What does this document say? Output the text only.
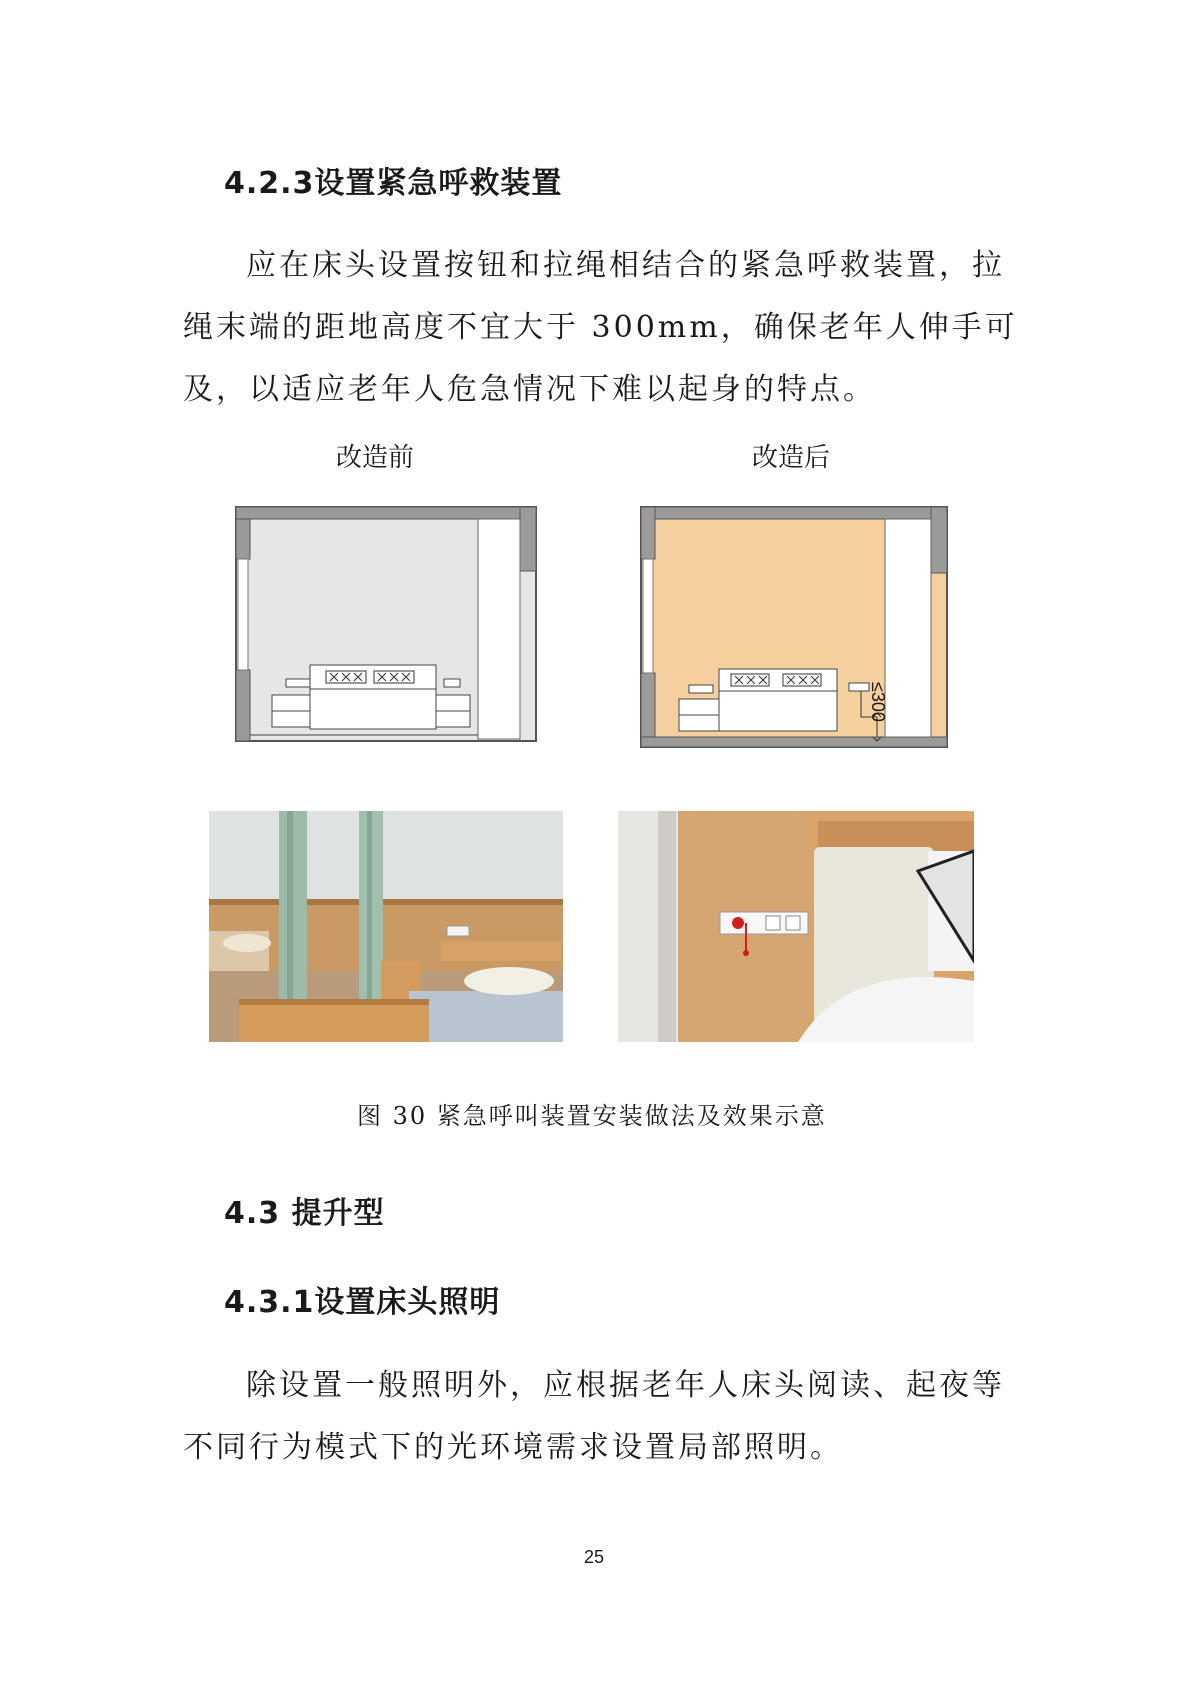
4.2.3设置紧急呼救装置
应在床头设置按钮和拉绳相结合的紧急呼救装置，拉绳末端的距地高度不宜大于 300mm，确保老年人伸手可及，以适应老年人危急情况下难以起身的特点。
改造前	改造后
≤300
图 30 紧急呼叫装置安装做法及效果示意
4.3 提升型
4.3.1设置床头照明
除设置一般照明外，应根据老年人床头阅读、起夜等不同行为模式下的光环境需求设置局部照明。
25
